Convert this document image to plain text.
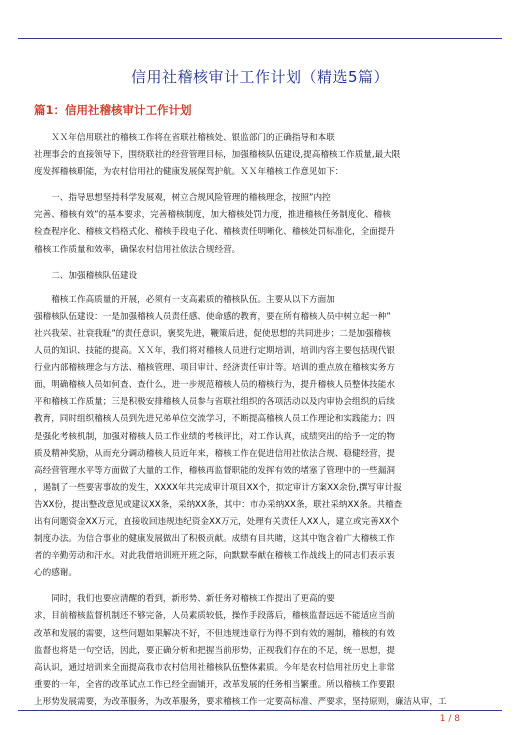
信用社稽核审计工作计划（精选5篇）
篇1：信用社稽核审计工作计划

　　ＸＸ年信用联社的稽核工作将在省联社稽核处、银监部门的正确指导和本联
社理事会的直接领导下，围绕联社的经营管理目标，加强稽核队伍建设,提高稽核工作质量,最大限
度发挥稽核职能，为农村信用社的健康发展保驾护航。ＸＸ年稽核工作意见如下：

　　一、指导思想坚持科学发展观，树立合规风险管理的稽核理念，按照”内控
完善、稽核有效”的基本要求，完善稽核制度，加大稽核处罚力度，推进稽核任务制度化、稽核
检查程序化、稽核文档格式化、稽核手段电子化、稽核责任明晰化、稽核处罚标准化，全面提升
稽核工作质量和效率，确保农村信用社依法合规经营。

　　二、加强稽核队伍建设

　　稽核工作高质量的开展，必须有一支高素质的稽核队伍。主要从以下方面加
强稽核队伍建设：一是加强稽核人员责任感、使命感的教育，要在所有稽核人员中树立起一种”
社兴我荣、社衰我耻”的责任意识，褒奖先进，鞭策后进，促使思想的共同进步；二是加强稽核
人员的知识、技能的提高。ＸＸ年，我们将对稽核人员进行定期培训，培训内容主要包括现代银
行业内部稽核理念与方法、稽核管理、项目审计、经济责任审计等。培训的重点放在稽核实务方
面，明确稽核人员如何查、查什么，进一步规范稽核人员的稽核行为，提升稽核人员整体技能水
平和稽核工作质量；三是积极安排稽核人员参与省联社组织的各项活动以及内审协会组织的后续
教育，同时组织稽核人员到先进兄弟单位交流学习，不断提高稽核人员工作理论和实践能力；四
是强化考核机制，加强对稽核人员工作业绩的考核评比，对工作认真，成绩突出的给予一定的物
质及精神奖励，从而充分调动稽核人员近年来，稽核工作在促进信用社依法合规、稳健经营，提
高经营管理水平等方面做了大量的工作，稽核再监督职能的发挥有效的堵塞了管理中的一些漏洞
，遏制了一些要害事故的发生，XXXX年共完成审计项目XX个，拟定审计方案XX余份,撰写审计报
告XX份，提出整改意见或建议XX条，采纳XX条，其中：市办采纳XX条，联社采纳XX条。共稽查
出有问题资金XX万元，直接收回违规违纪资金XX万元，处理有关责任人XX人，建立或完善XX个
制度办法。为信合事业的健康发展做出了积极贡献。成绩有目共睹，这其中饱含着广大稽核工作
者的辛勤劳动和汗水。对此我借培训班开班之际，向默默奉献在稽核工作战线上的同志们表示衷
心的感谢。

　　同时，我们也要应清醒的看到，新形势、新任务对稽核工作提出了更高的要
求，目前稽核监督机制还不够完备，人员素质较低，操作手段落后，稽核监督远远不能适应当前
改革和发展的需要，这些问题如果解决不好，不但违规违章行为得不到有效的遏制，稽核的有效
监督也将是一句空话，因此，要正确分析和把握当前形势，正视我们存在的不足，统一思想，提
高认识，通过培训来全面提高我市农村信用社稽核队伍整体素质。今年是农村信用社历史上非常
重要的一年，全省的改革试点工作已经全面铺开，改革发展的任务相当繁重。所以稽核工作要跟
上形势发展需要，为改革服务，为改革服务，要求稽核工作一定要高标准、严要求，坚持原则，廉洁从审，工

1 / 8
